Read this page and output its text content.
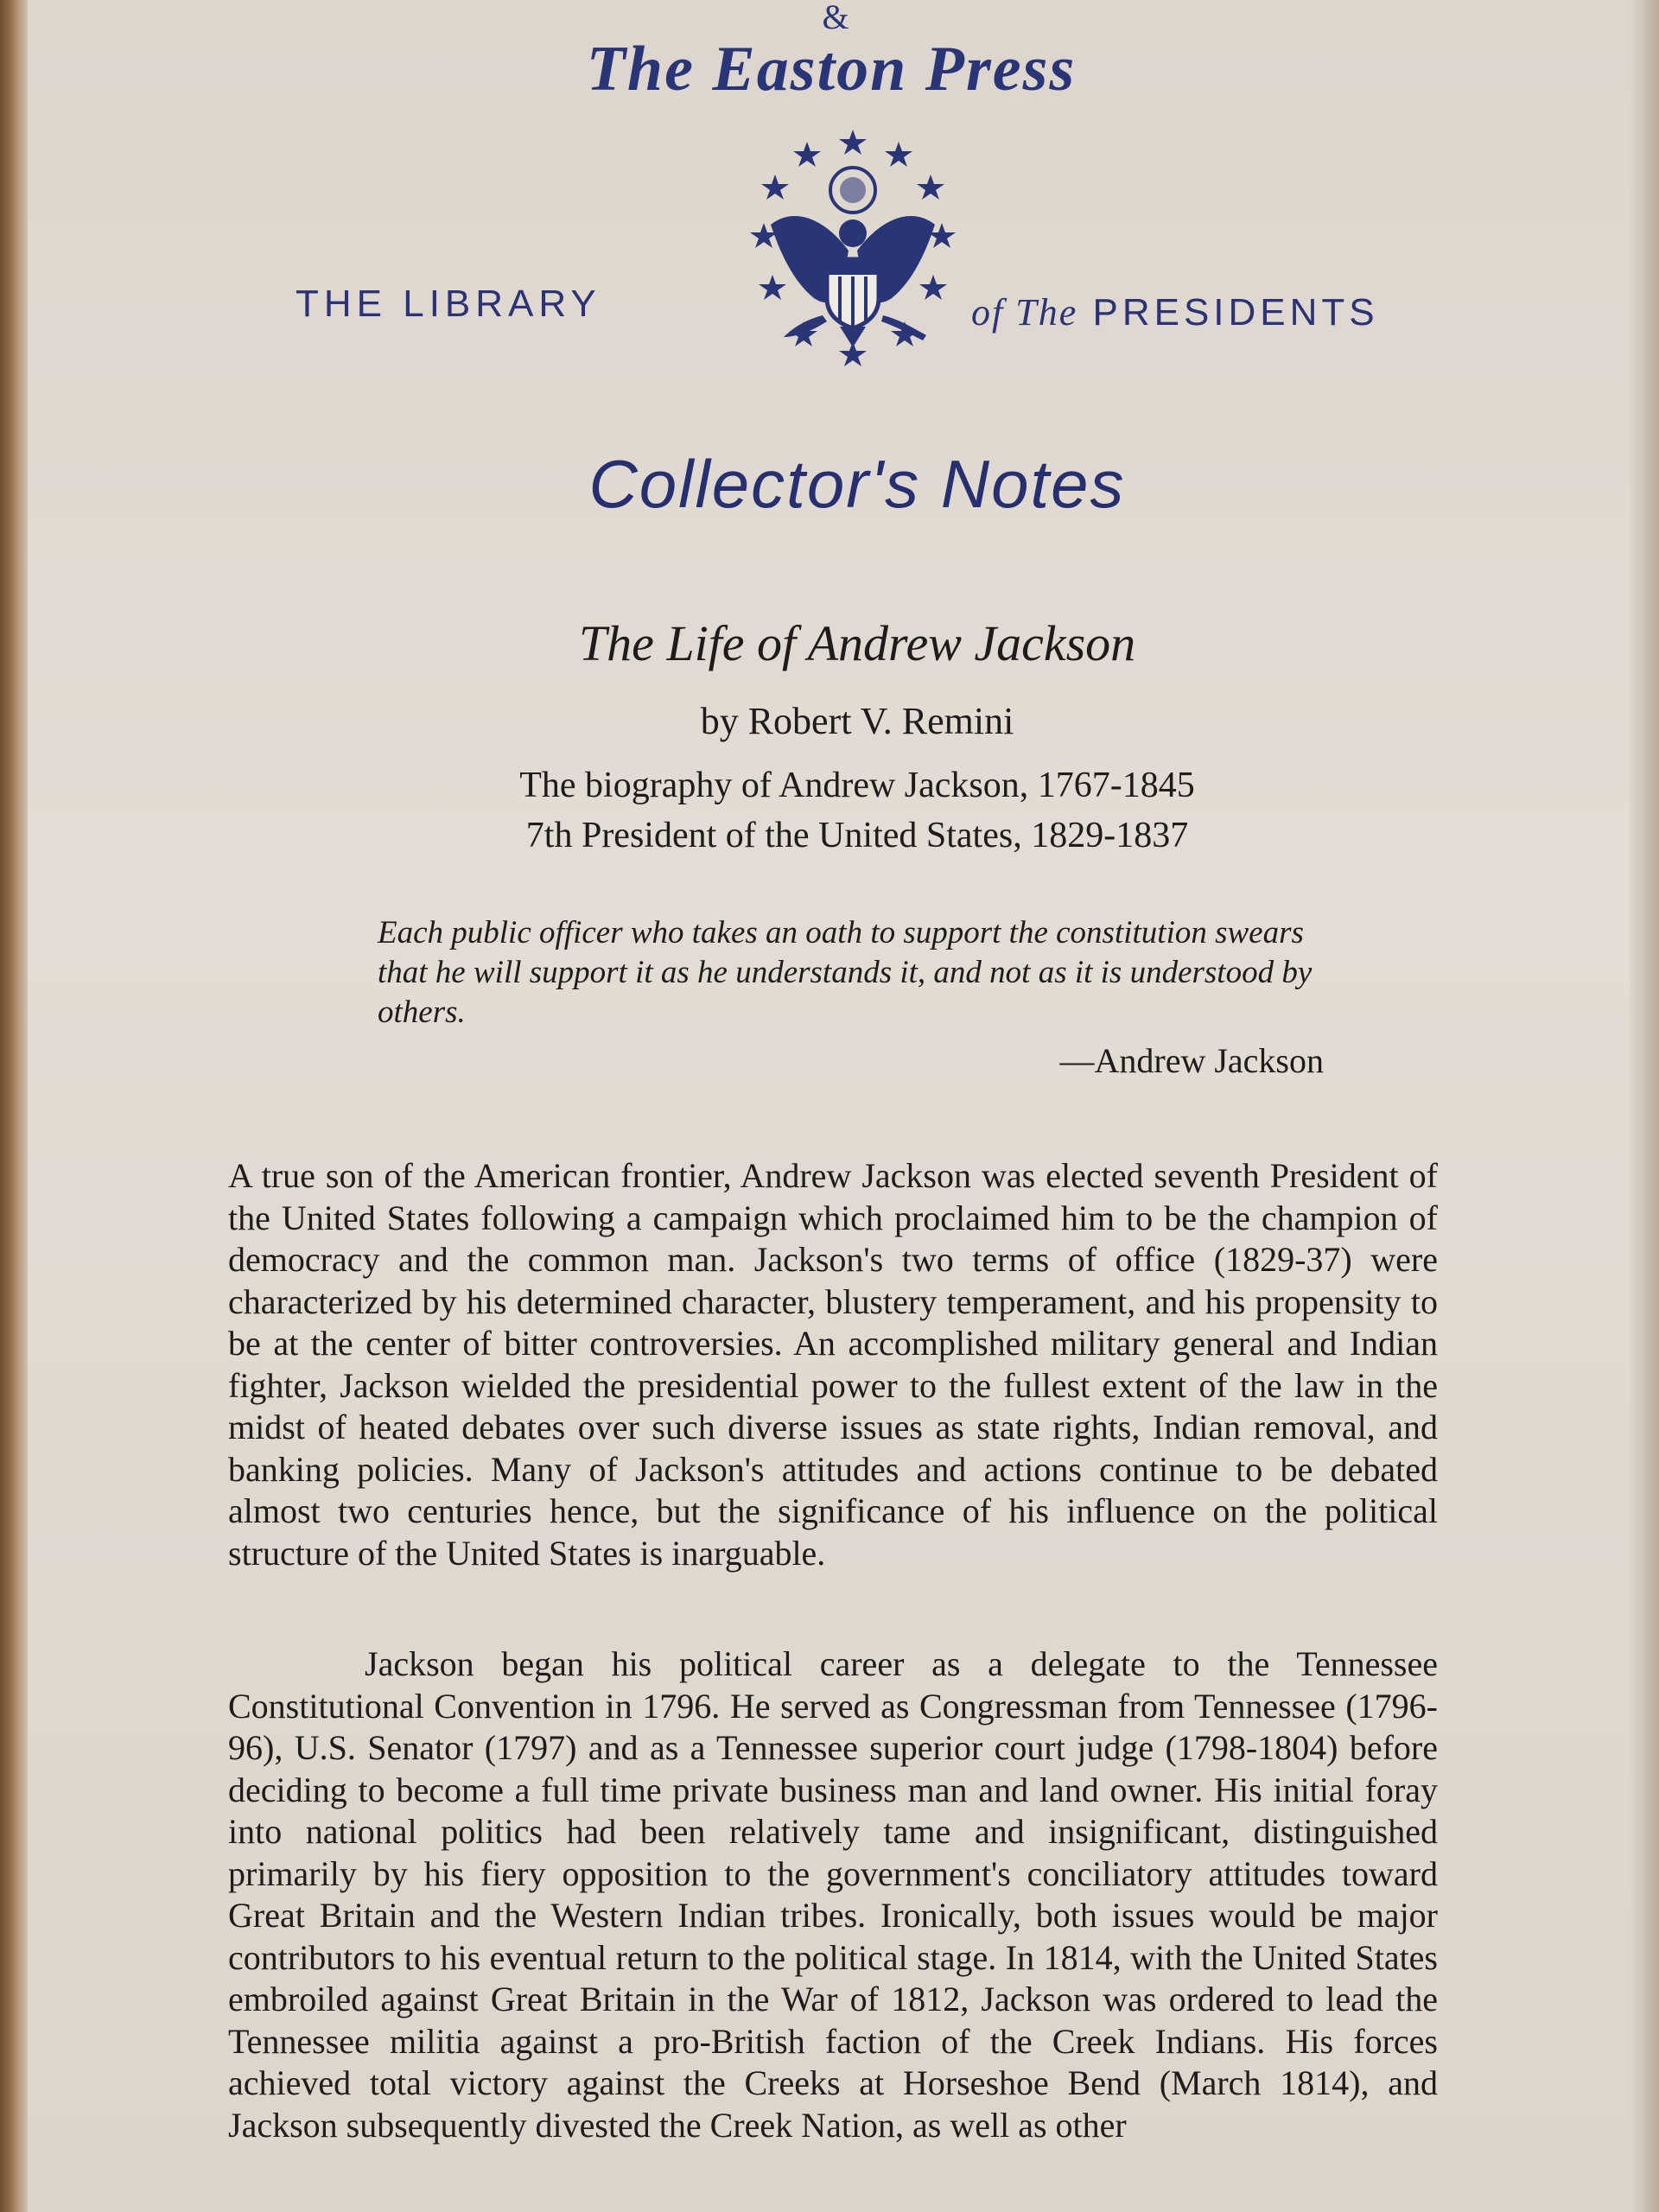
&
The Easton Press
THE LIBRARY	of The PRESIDENTS
Collector's Notes
The Life of Andrew Jackson
by Robert V. Remini
The biography of Andrew Jackson, 1767-1845
7th President of the United States, 1829-1837
Each public officer who takes an oath to support the constitution swears that he will support it as he understands it, and not as it is understood by others.
—Andrew Jackson

A true son of the American frontier, Andrew Jackson was elected seventh President of the United States following a campaign which proclaimed him to be the champion of democracy and the common man. Jackson's two terms of office (1829-37) were characterized by his determined character, blustery temperament, and his propensity to be at the center of bitter controversies. An accomplished military general and Indian fighter, Jackson wielded the presidential power to the fullest extent of the law in the midst of heated debates over such diverse issues as state rights, Indian removal, and banking policies. Many of Jackson's attitudes and actions continue to be debated almost two centuries hence, but the significance of his influence on the political structure of the United States is inarguable.

Jackson began his political career as a delegate to the Tennessee Constitutional Convention in 1796. He served as Congressman from Tennessee (1796-96), U.S. Senator (1797) and as a Tennessee superior court judge (1798-1804) before deciding to become a full time private business man and land owner. His initial foray into national politics had been relatively tame and insignificant, distinguished primarily by his fiery opposition to the government's conciliatory attitudes toward Great Britain and the Western Indian tribes. Ironically, both issues would be major contributors to his eventual return to the political stage. In 1814, with the United States embroiled against Great Britain in the War of 1812, Jackson was ordered to lead the Tennessee militia against a pro-British faction of the Creek Indians. His forces achieved total victory against the Creeks at Horseshoe Bend (March 1814), and Jackson subsequently divested the Creek Nation, as well as other
